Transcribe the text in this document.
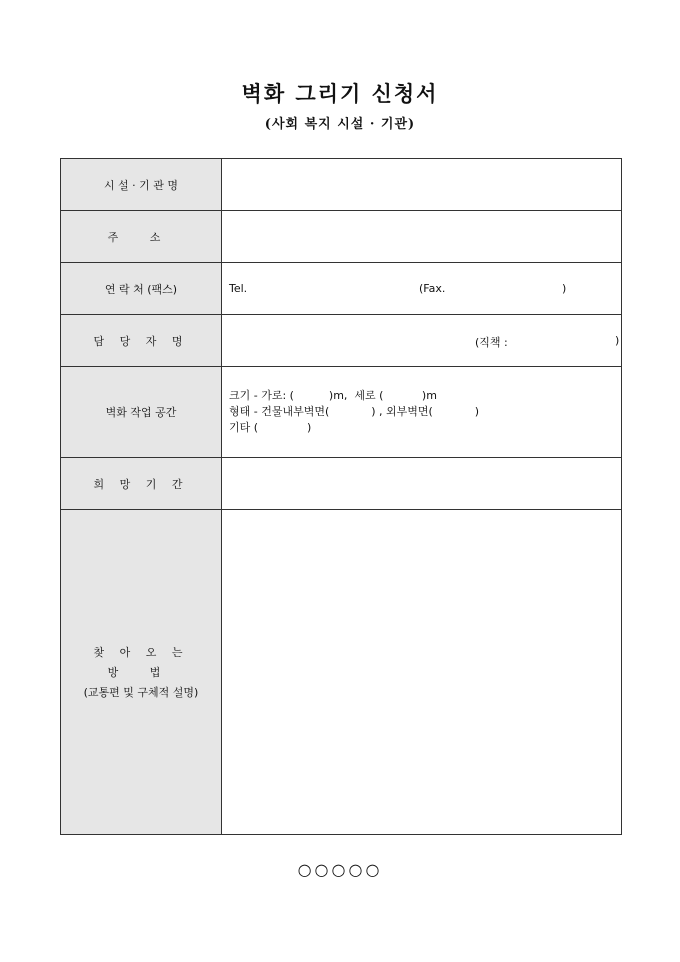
벽화 그리기 신청서
(사회 복지 시설 · 기관)
시 설 · 기 관 명	
주 소	
연 락 처 (팩스)	Tel. (Fax. )

담 당 자 명	(직책 : )

벽화 작업 공간	크기 - 가로: (          )m,  세로 (           )m
형태 - 건물내부벽면(            ) , 외부벽면(            )
기타 (              )

희 망 기 간	

찾 아 오 는
방 법
(교통편 및 구체적 설명)	

○○○○○
